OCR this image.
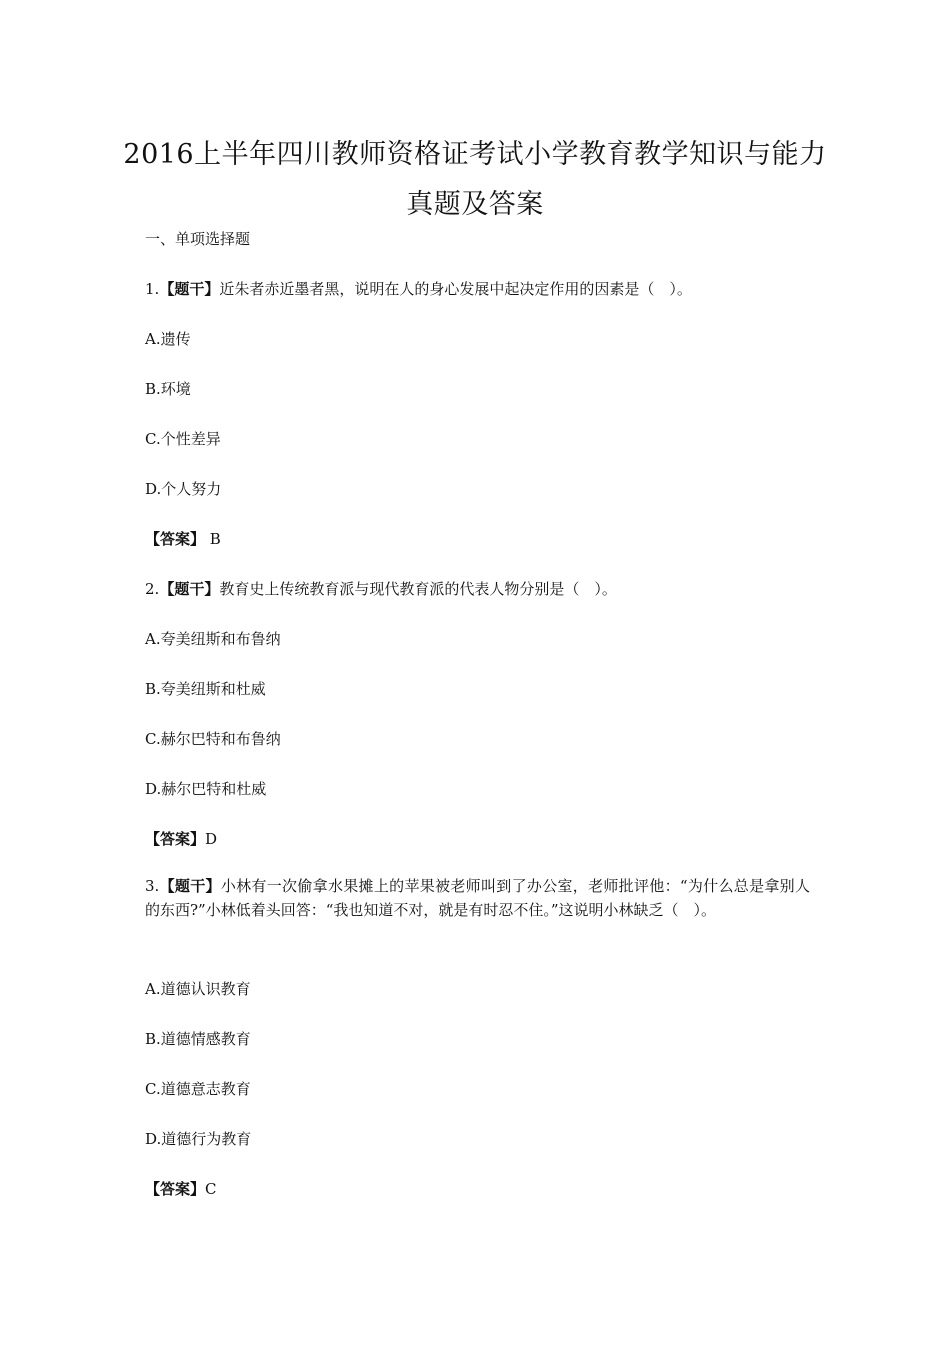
2016上半年四川教师资格证考试小学教育教学知识与能力
真题及答案
一、单项选择题
1.【题干】近朱者赤近墨者黑，说明在人的身心发展中起决定作用的因素是（　）。
A.遗传
B.环境
C.个性差异
D.个人努力
【答案】 B
2.【题干】教育史上传统教育派与现代教育派的代表人物分别是（　）。
A.夸美纽斯和布鲁纳
B.夸美纽斯和杜威
C.赫尔巴特和布鲁纳
D.赫尔巴特和杜威
【答案】D
3.【题干】小林有一次偷拿水果摊上的苹果被老师叫到了办公室，老师批评他：“为什么总是拿别人的东西?”小林低着头回答：“我也知道不对，就是有时忍不住。”这说明小林缺乏（　）。
A.道德认识教育
B.道德情感教育
C.道德意志教育
D.道德行为教育
【答案】C
